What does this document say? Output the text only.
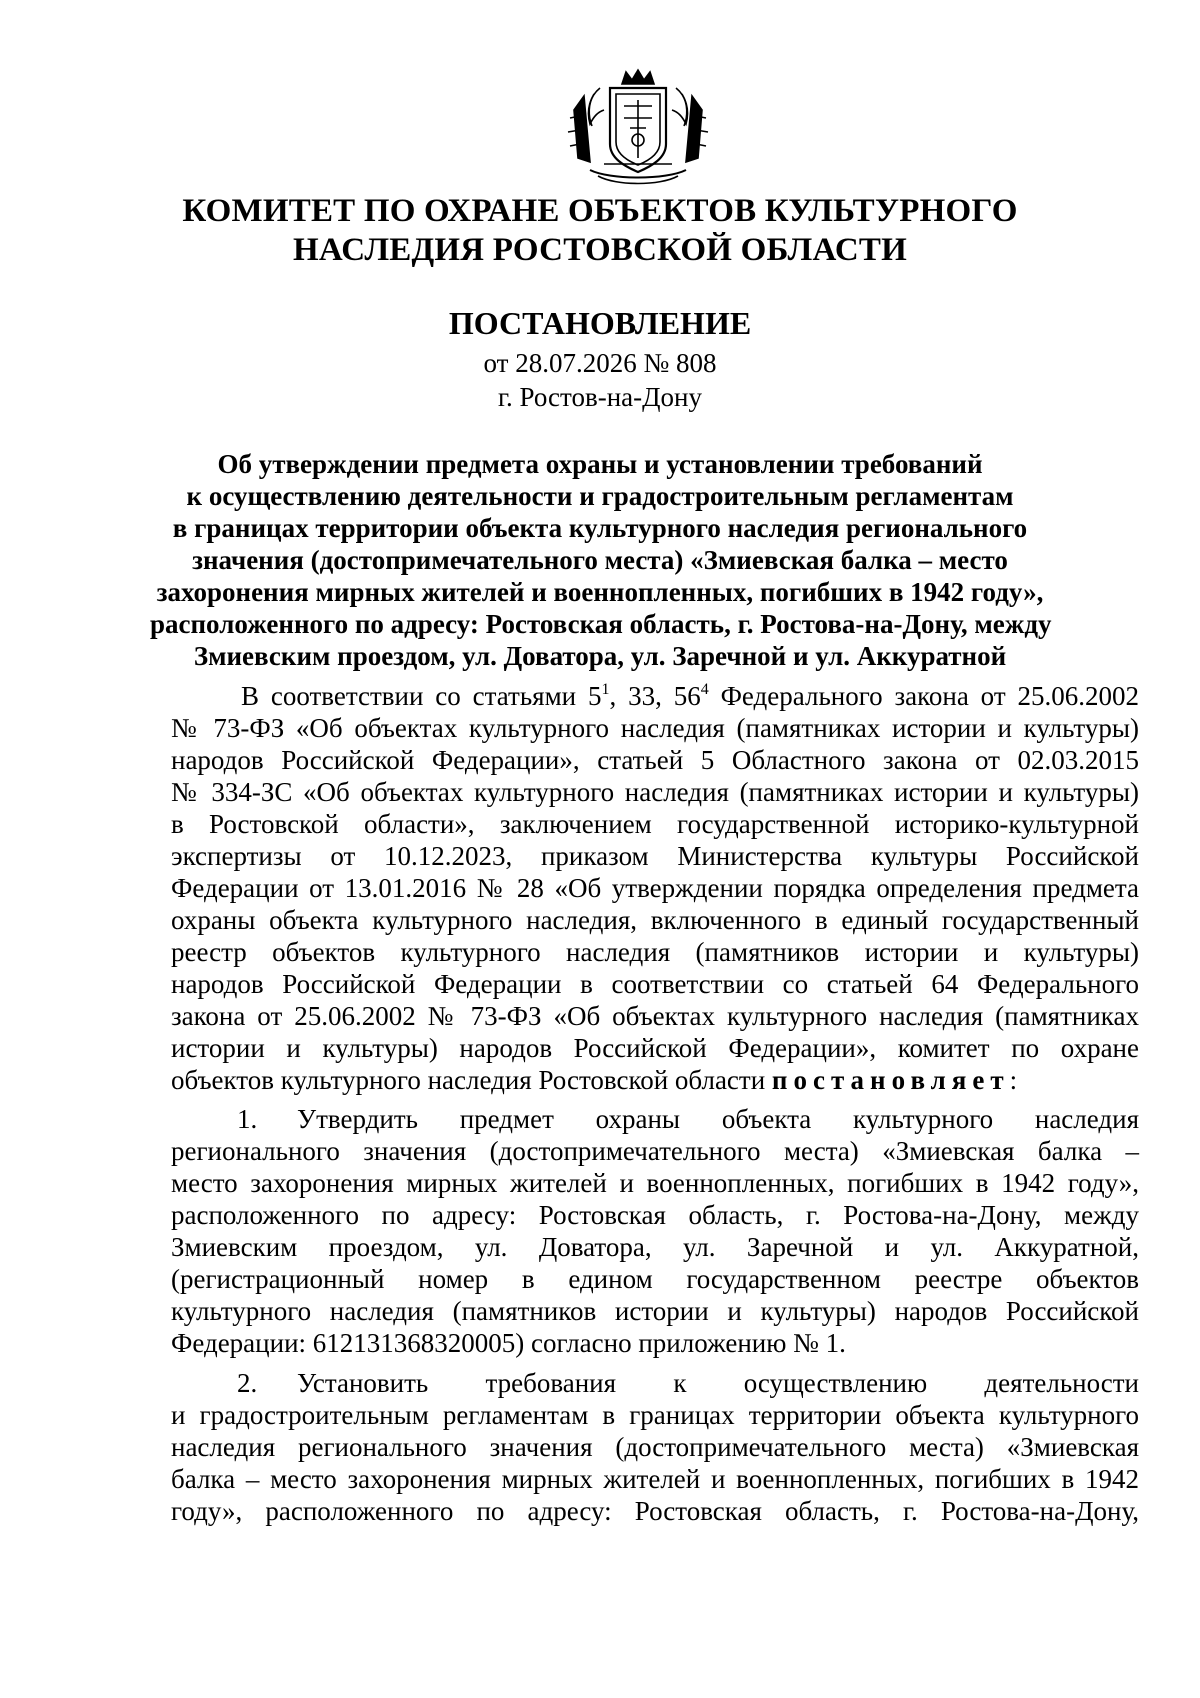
КОМИТЕТ ПО ОХРАНЕ ОБЪЕКТОВ КУЛЬТУРНОГО
НАСЛЕДИЯ РОСТОВСКОЙ ОБЛАСТИ
ПОСТАНОВЛЕНИЕ
от 28.07.2026 № 808
г. Ростов-на-Дону
Об утверждении предмета охраны и установлении требований
к осуществлению деятельности и градостроительным регламентам
в границах территории объекта культурного наследия регионального
значения (достопримечательного места) «Змиевская балка – место
захоронения мирных жителей и военнопленных, погибших в 1942 году»,
расположенного по адресу: Ростовская область, г. Ростова-на-Дону, между
Змиевским проездом, ул. Доватора, ул. Заречной и ул. Аккуратной
В соответствии со статьями $5^1$, 33, $56^4$ Федерального закона от 25.06.2002
№ 73-ФЗ «Об объектах культурного наследия (памятниках истории и культуры)
народов Российской Федерации», статьей 5 Областного закона от 02.03.2015
№ 334-ЗС «Об объектах культурного наследия (памятниках истории и культуры)
в Ростовской области», заключением государственной историко-культурной
экспертизы от 10.12.2023, приказом Министерства культуры Российской
Федерации от 13.01.2016 № 28 «Об утверждении порядка определения предмета
охраны объекта культурного наследия, включенного в единый государственный
реестр объектов культурного наследия (памятников истории и культуры)
народов Российской Федерации в соответствии со статьей 64 Федерального
закона от 25.06.2002 № 73-ФЗ «Об объектах культурного наследия (памятниках
истории и культуры) народов Российской Федерации», комитет по охране
объектов культурного наследия Ростовской области постановляет:
1. Утвердить предмет охраны объекта культурного наследия
регионального значения (достопримечательного места) «Змиевская балка –
место захоронения мирных жителей и военнопленных, погибших в 1942 году»,
расположенного по адресу: Ростовская область, г. Ростова-на-Дону, между
Змиевским проездом, ул. Доватора, ул. Заречной и ул. Аккуратной,
(регистрационный номер в едином государственном реестре объектов
культурного наследия (памятников истории и культуры) народов Российской
Федерации: 612131368320005) согласно приложению № 1.
2. Установить требования к осуществлению деятельности
и градостроительным регламентам в границах территории объекта культурного
наследия регионального значения (достопримечательного места) «Змиевская
балка – место захоронения мирных жителей и военнопленных, погибших в 1942
году», расположенного по адресу: Ростовская область, г. Ростова-на-Дону,
